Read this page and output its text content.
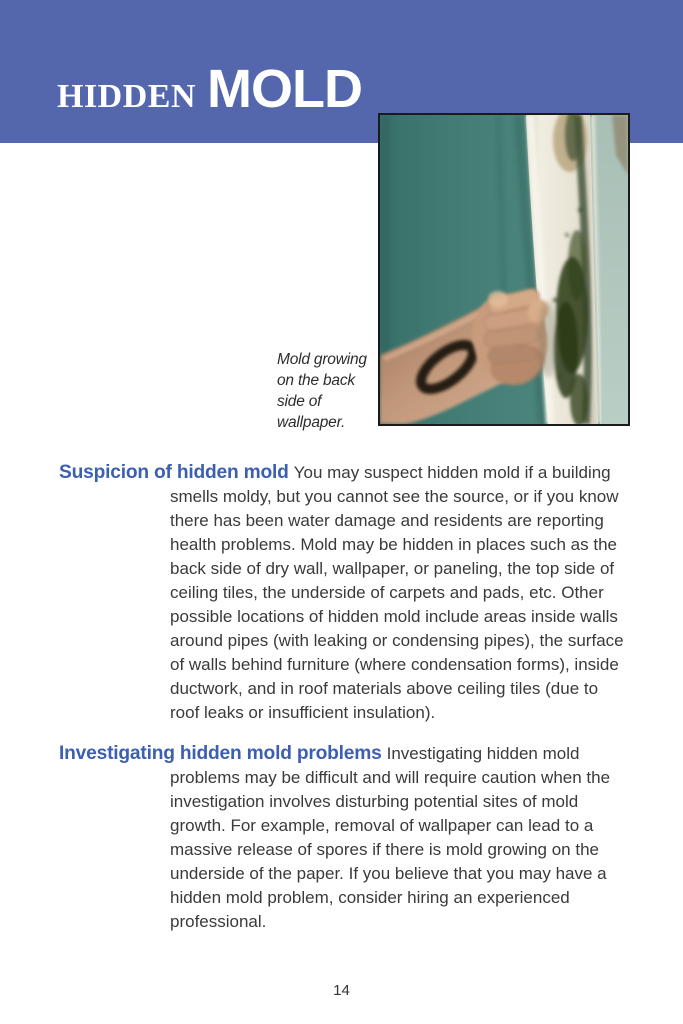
HIDDEN MOLD
Mold growing on the back side of wallpaper.

Suspicion of hidden mold You may suspect hidden mold if a building smells moldy, but you cannot see the source, or if you know there has been water damage and residents are reporting health problems. Mold may be hidden in places such as the back side of dry wall, wallpaper, or paneling, the top side of ceiling tiles, the underside of carpets and pads, etc. Other possible locations of hidden mold include areas inside walls around pipes (with leaking or condensing pipes), the surface of walls behind furniture (where condensation forms), inside ductwork, and in roof materials above ceiling tiles (due to roof leaks or insufficient insulation).

Investigating hidden mold problems Investigating hidden mold problems may be difficult and will require caution when the investigation involves disturbing potential sites of mold growth. For example, removal of wallpaper can lead to a massive release of spores if there is mold growing on the underside of the paper. If you believe that you may have a hidden mold problem, consider hiring an experienced professional.

14
